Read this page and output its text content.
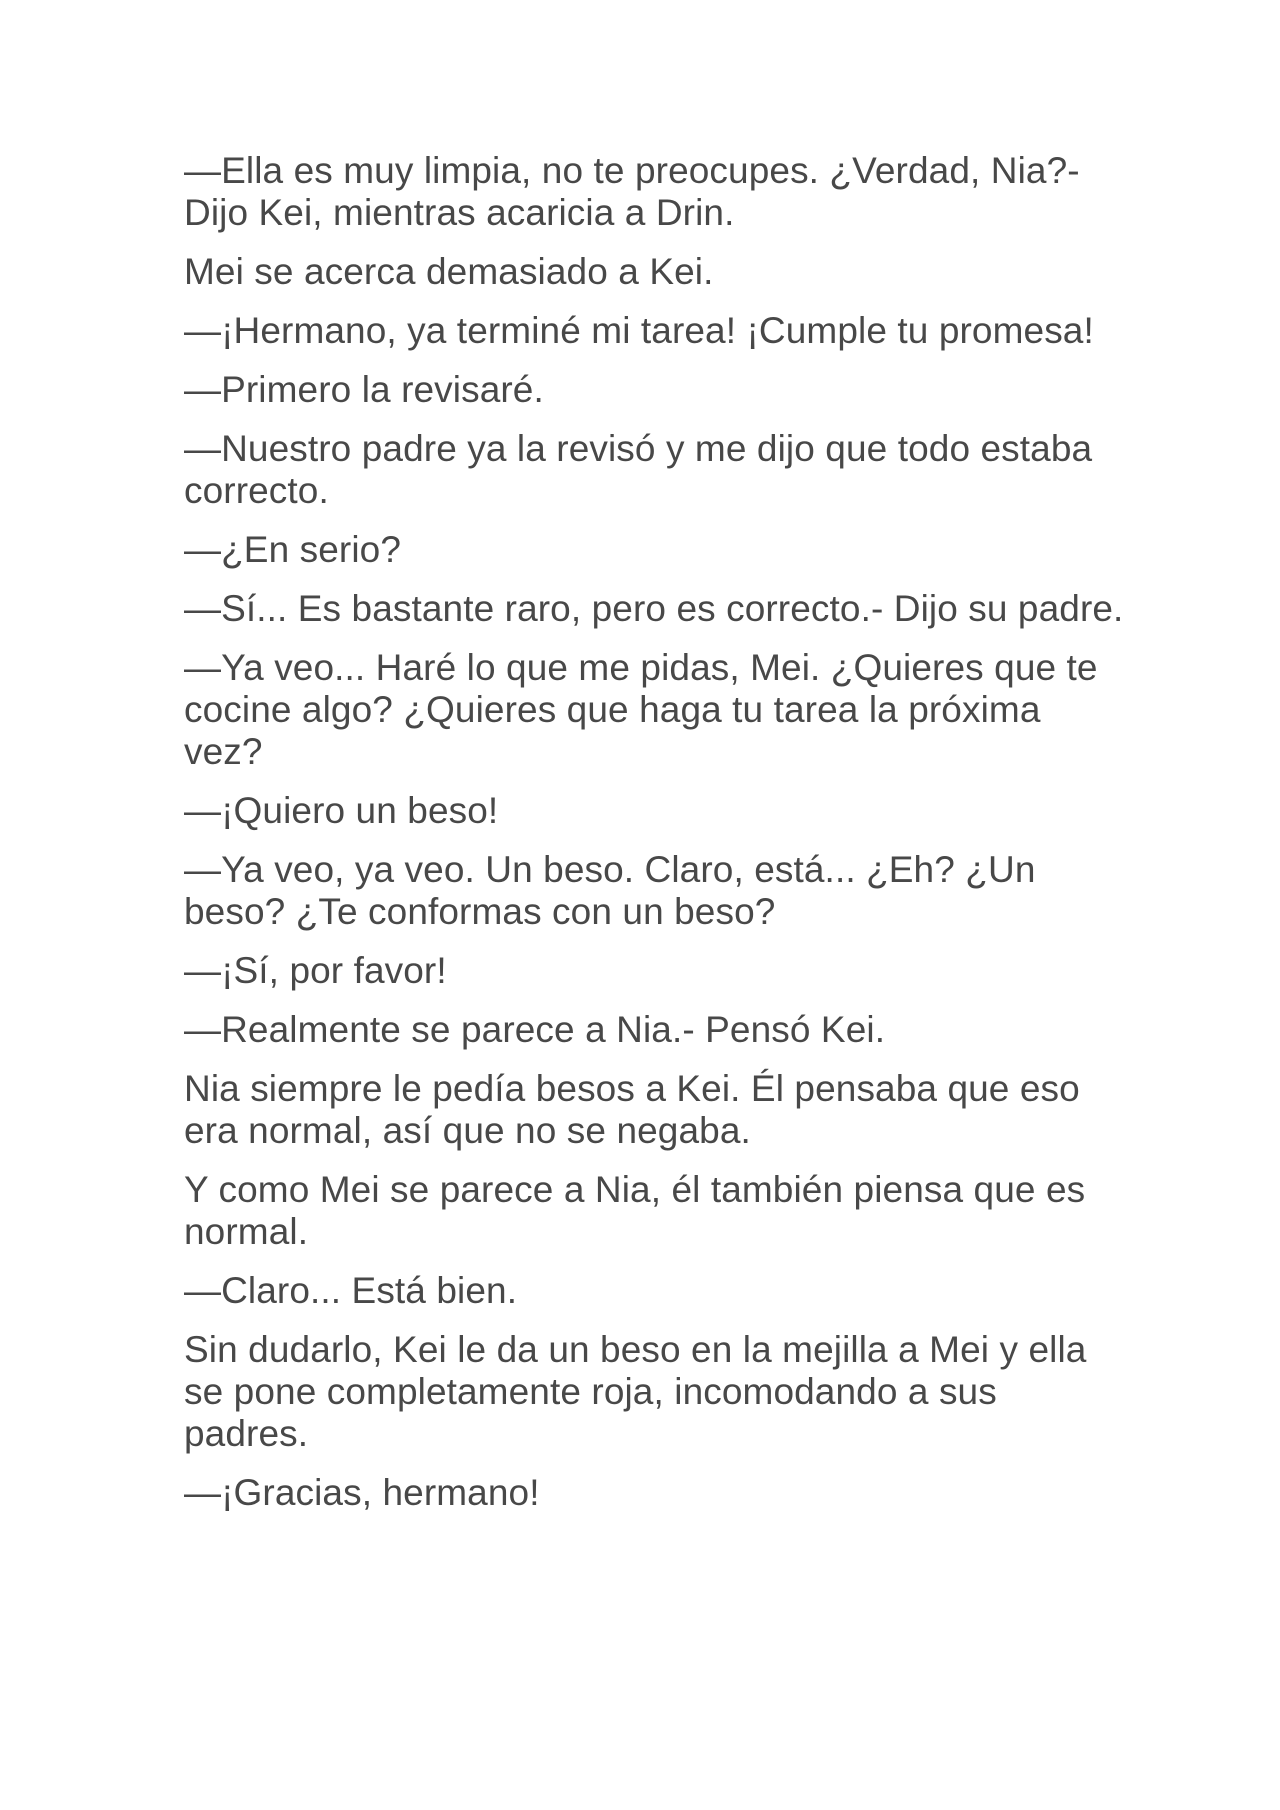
—Ella es muy limpia, no te preocupes. ¿Verdad, Nia?- Dijo Kei, mientras acaricia a Drin.

Mei se acerca demasiado a Kei.

—¡Hermano, ya terminé mi tarea! ¡Cumple tu promesa!

—Primero la revisaré.

—Nuestro padre ya la revisó y me dijo que todo estaba correcto.

—¿En serio?

—Sí... Es bastante raro, pero es correcto.- Dijo su padre.

—Ya veo... Haré lo que me pidas, Mei. ¿Quieres que te cocine algo? ¿Quieres que haga tu tarea la próxima vez?

—¡Quiero un beso!

—Ya veo, ya veo. Un beso. Claro, está... ¿Eh? ¿Un beso? ¿Te conformas con un beso?

—¡Sí, por favor!

—Realmente se parece a Nia.- Pensó Kei.

Nia siempre le pedía besos a Kei. Él pensaba que eso era normal, así que no se negaba.

Y como Mei se parece a Nia, él también piensa que es normal.

—Claro... Está bien.

Sin dudarlo, Kei le da un beso en la mejilla a Mei y ella se pone completamente roja, incomodando a sus padres.

—¡Gracias, hermano!
